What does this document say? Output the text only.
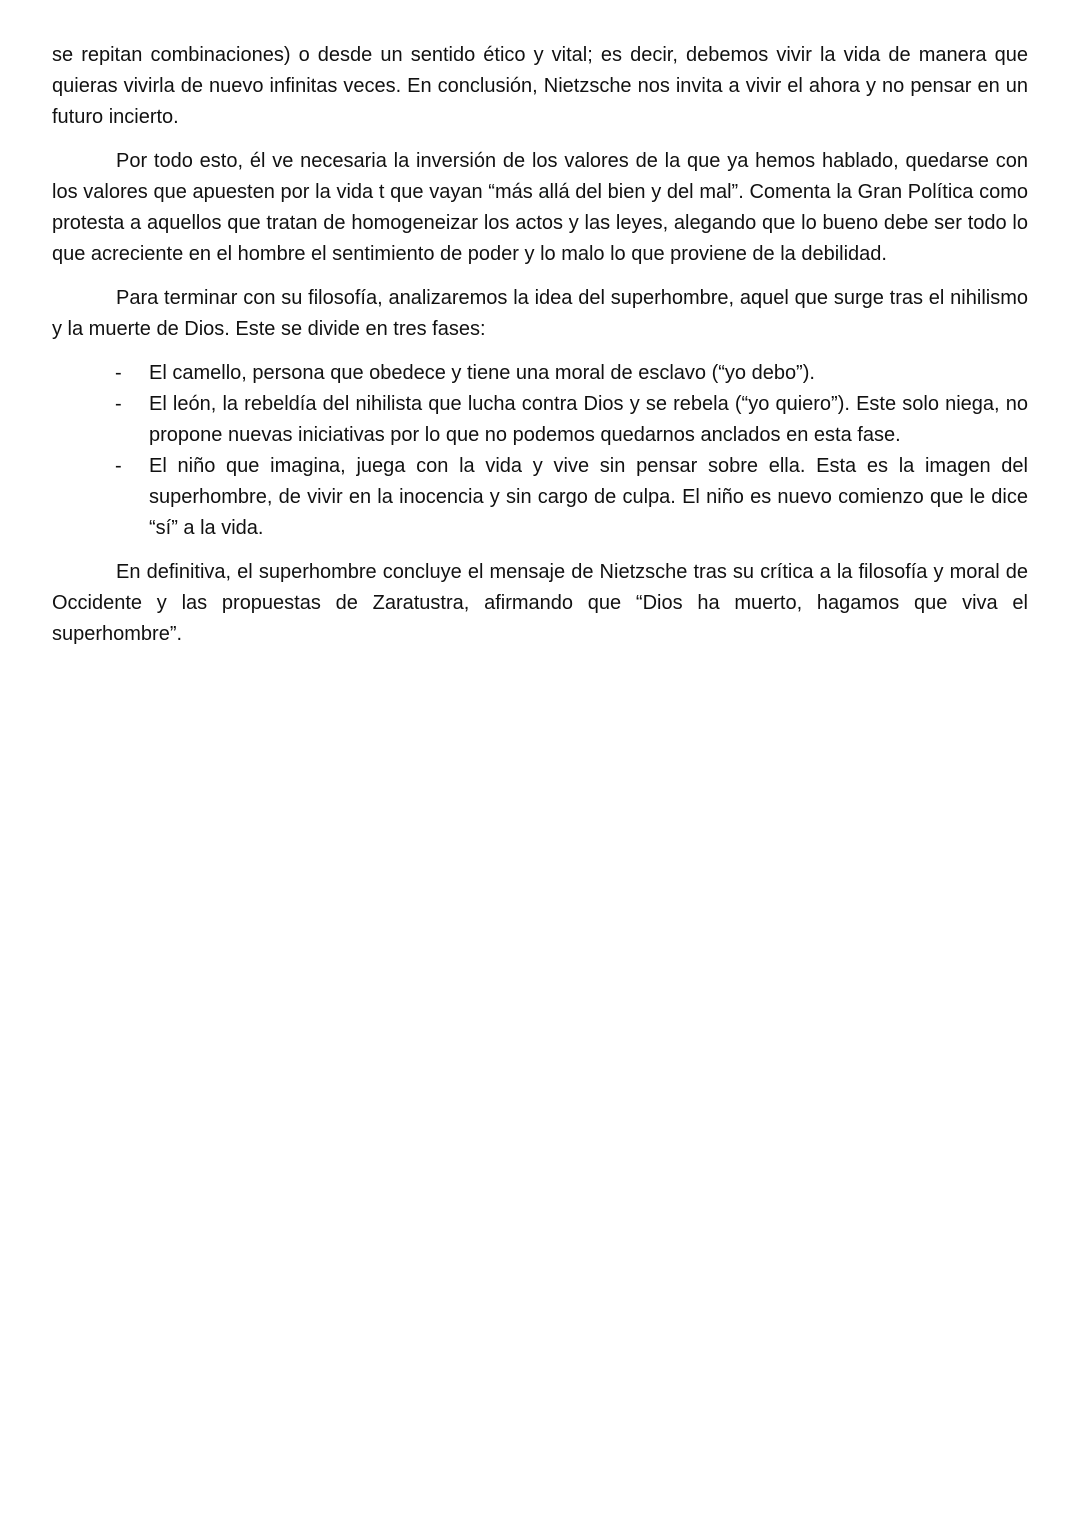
se repitan combinaciones) o desde un sentido ético y vital; es decir, debemos vivir la vida de manera que quieras vivirla de nuevo infinitas veces. En conclusión, Nietzsche nos invita a vivir el ahora y no pensar en un futuro incierto.

Por todo esto, él ve necesaria la inversión de los valores de la que ya hemos hablado, quedarse con los valores que apuesten por la vida t que vayan “más allá del bien y del mal”. Comenta la Gran Política como protesta a aquellos que tratan de homogeneizar los actos y las leyes, alegando que lo bueno debe ser todo lo que acreciente en el hombre el sentimiento de poder y lo malo lo que proviene de la debilidad.

Para terminar con su filosofía, analizaremos la idea del superhombre, aquel que surge tras el nihilismo y la muerte de Dios. Este se divide en tres fases:

- El camello, persona que obedece y tiene una moral de esclavo (“yo debo”).
- El león, la rebeldía del nihilista que lucha contra Dios y se rebela (“yo quiero”). Este solo niega, no propone nuevas iniciativas por lo que no podemos quedarnos anclados en esta fase.
- El niño que imagina, juega con la vida y vive sin pensar sobre ella. Esta es la imagen del superhombre, de vivir en la inocencia y sin cargo de culpa. El niño es nuevo comienzo que le dice “sí” a la vida.

En definitiva, el superhombre concluye el mensaje de Nietzsche tras su crítica a la filosofía y moral de Occidente y las propuestas de Zaratustra, afirmando que “Dios ha muerto, hagamos que viva el superhombre”.
